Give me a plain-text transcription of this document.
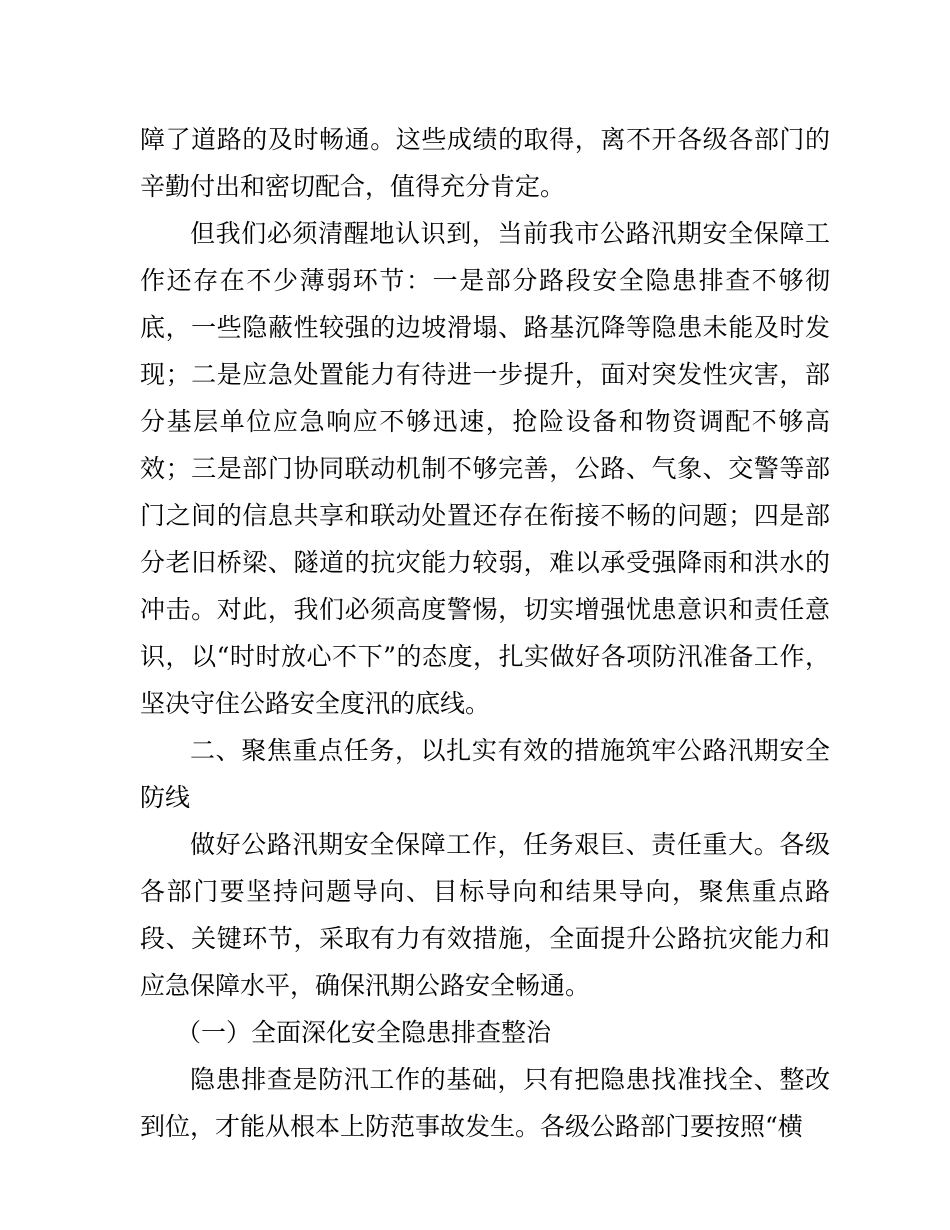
障了道路的及时畅通。这些成绩的取得，离不开各级各部门的辛勤付出和密切配合，值得充分肯定。

但我们必须清醒地认识到，当前我市公路汛期安全保障工作还存在不少薄弱环节：一是部分路段安全隐患排查不够彻底，一些隐蔽性较强的边坡滑塌、路基沉降等隐患未能及时发现；二是应急处置能力有待进一步提升，面对突发性灾害，部分基层单位应急响应不够迅速，抢险设备和物资调配不够高效；三是部门协同联动机制不够完善，公路、气象、交警等部门之间的信息共享和联动处置还存在衔接不畅的问题；四是部分老旧桥梁、隧道的抗灾能力较弱，难以承受强降雨和洪水的冲击。对此，我们必须高度警惕，切实增强忧患意识和责任意识，以“时时放心不下”的态度，扎实做好各项防汛准备工作，坚决守住公路安全度汛的底线。

二、聚焦重点任务，以扎实有效的措施筑牢公路汛期安全防线

做好公路汛期安全保障工作，任务艰巨、责任重大。各级各部门要坚持问题导向、目标导向和结果导向，聚焦重点路段、关键环节，采取有力有效措施，全面提升公路抗灾能力和应急保障水平，确保汛期公路安全畅通。

（一）全面深化安全隐患排查整治

隐患排查是防汛工作的基础，只有把隐患找准找全、整改到位，才能从根本上防范事故发生。各级公路部门要按照“横
